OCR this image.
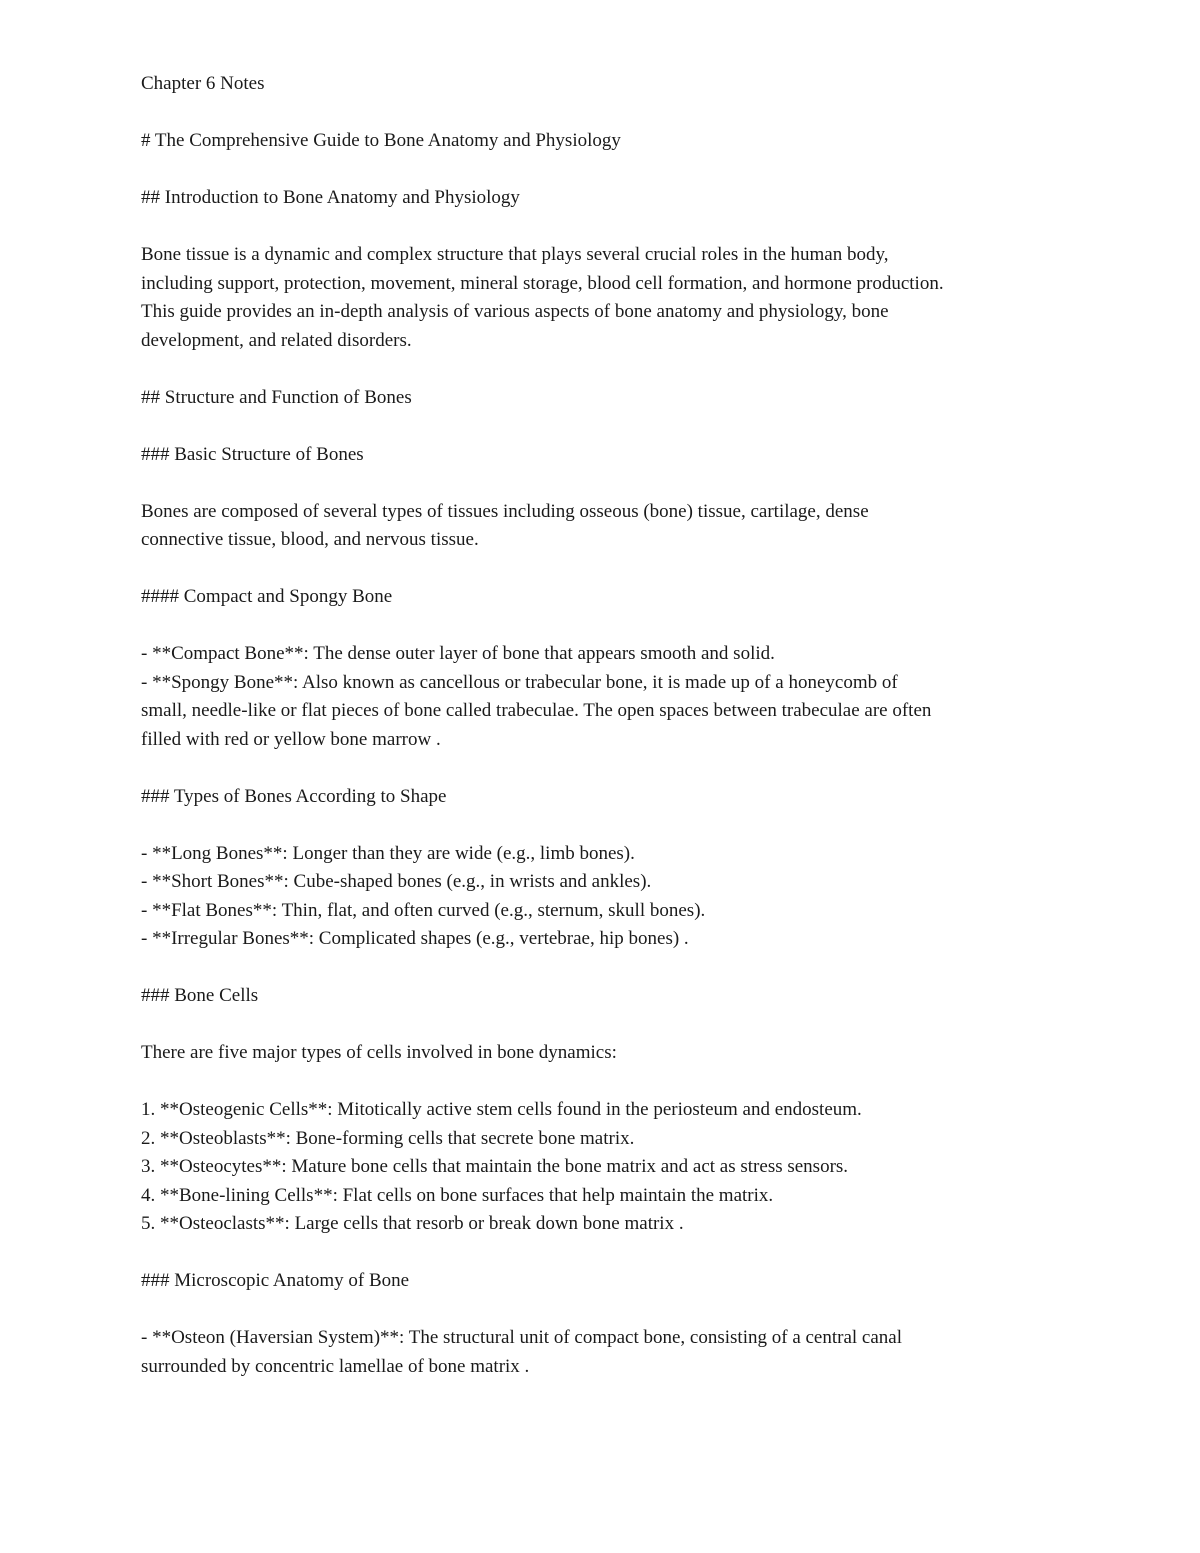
Chapter 6 Notes

# The Comprehensive Guide to Bone Anatomy and Physiology

## Introduction to Bone Anatomy and Physiology

Bone tissue is a dynamic and complex structure that plays several crucial roles in the human body,
including support, protection, movement, mineral storage, blood cell formation, and hormone production.
This guide provides an in-depth analysis of various aspects of bone anatomy and physiology, bone
development, and related disorders.

## Structure and Function of Bones

### Basic Structure of Bones

Bones are composed of several types of tissues including osseous (bone) tissue, cartilage, dense
connective tissue, blood, and nervous tissue.

#### Compact and Spongy Bone

- **Compact Bone**: The dense outer layer of bone that appears smooth and solid.
- **Spongy Bone**: Also known as cancellous or trabecular bone, it is made up of a honeycomb of
small, needle-like or flat pieces of bone called trabeculae. The open spaces between trabeculae are often
filled with red or yellow bone marrow .

### Types of Bones According to Shape

- **Long Bones**: Longer than they are wide (e.g., limb bones).
- **Short Bones**: Cube-shaped bones (e.g., in wrists and ankles).
- **Flat Bones**: Thin, flat, and often curved (e.g., sternum, skull bones).
- **Irregular Bones**: Complicated shapes (e.g., vertebrae, hip bones) .

### Bone Cells

There are five major types of cells involved in bone dynamics:

1. **Osteogenic Cells**: Mitotically active stem cells found in the periosteum and endosteum.
2. **Osteoblasts**: Bone-forming cells that secrete bone matrix.
3. **Osteocytes**: Mature bone cells that maintain the bone matrix and act as stress sensors.
4. **Bone-lining Cells**: Flat cells on bone surfaces that help maintain the matrix.
5. **Osteoclasts**: Large cells that resorb or break down bone matrix .

### Microscopic Anatomy of Bone

- **Osteon (Haversian System)**: The structural unit of compact bone, consisting of a central canal
surrounded by concentric lamellae of bone matrix .
